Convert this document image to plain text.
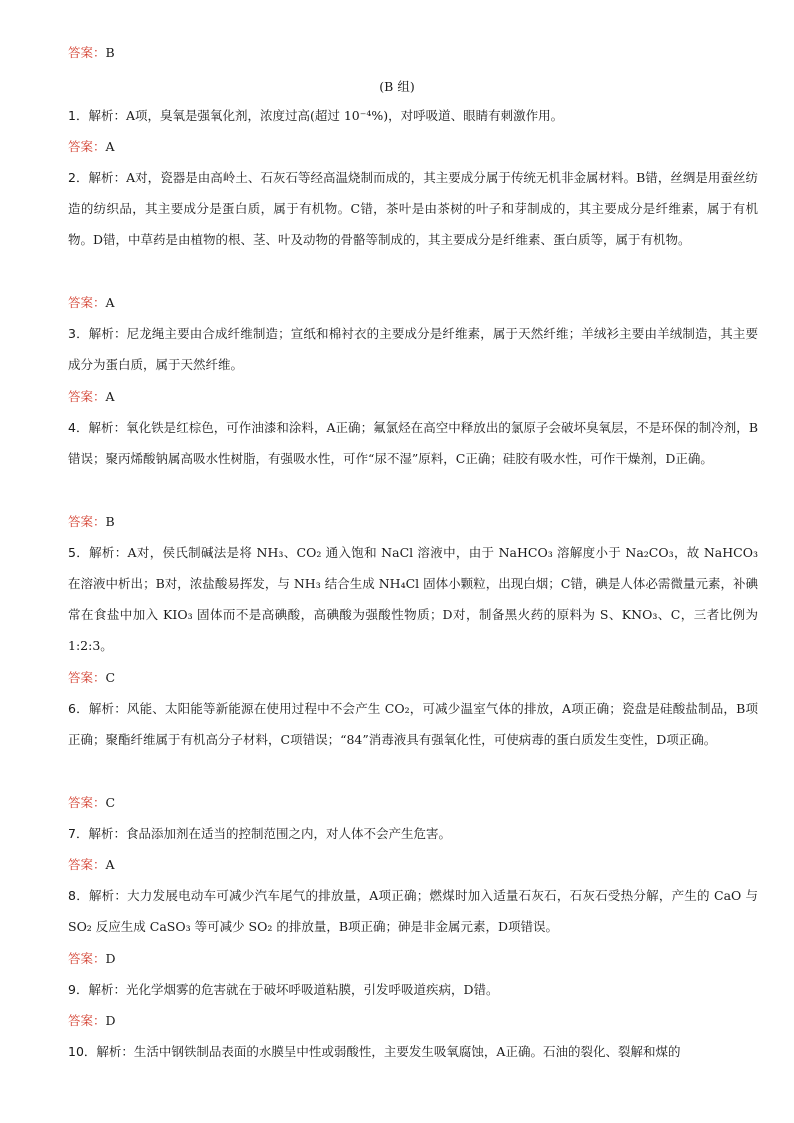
答案：B
(B 组)
1．解析：A项，臭氧是强氧化剂，浓度过高(超过 10⁻⁴%)，对呼吸道、眼睛有刺激作用。
答案：A
2．解析：A对，瓷器是由高岭土、石灰石等经高温烧制而成的，其主要成分属于传统无机非金属材料。B错，丝绸是用蚕丝纺造的纺织品，其主要成分是蛋白质，属于有机物。C错，茶叶是由茶树的叶子和芽制成的，其主要成分是纤维素，属于有机物。D错，中草药是由植物的根、茎、叶及动物的骨骼等制成的，其主要成分是纤维素、蛋白质等，属于有机物。
答案：A
3．解析：尼龙绳主要由合成纤维制造；宣纸和棉衬衣的主要成分是纤维素，属于天然纤维；羊绒衫主要由羊绒制造，其主要成分为蛋白质，属于天然纤维。
答案：A
4．解析：氧化铁是红棕色，可作油漆和涂料，A正确；氟氯烃在高空中释放出的氯原子会破坏臭氧层，不是环保的制冷剂，B错误；聚丙烯酸钠属高吸水性树脂，有强吸水性，可作“尿不湿”原料，C正确；硅胶有吸水性，可作干燥剂，D正确。
答案：B
5．解析：A对，侯氏制碱法是将 NH₃、CO₂ 通入饱和 NaCl 溶液中，由于 NaHCO₃ 溶解度小于 Na₂CO₃，故 NaHCO₃ 在溶液中析出；B对，浓盐酸易挥发，与 NH₃ 结合生成 NH₄Cl 固体小颗粒，出现白烟；C错，碘是人体必需微量元素，补碘常在食盐中加入 KIO₃ 固体而不是高碘酸，高碘酸为强酸性物质；D对，制备黑火药的原料为 S、KNO₃、C，三者比例为 1:2:3。
答案：C
6．解析：风能、太阳能等新能源在使用过程中不会产生 CO₂，可减少温室气体的排放，A项正确；瓷盘是硅酸盐制品，B项正确；聚酯纤维属于有机高分子材料，C项错误；“84”消毒液具有强氧化性，可使病毒的蛋白质发生变性，D项正确。
答案：C
7．解析：食品添加剂在适当的控制范围之内，对人体不会产生危害。
答案：A
8．解析：大力发展电动车可减少汽车尾气的排放量，A项正确；燃煤时加入适量石灰石，石灰石受热分解，产生的 CaO 与 SO₂ 反应生成 CaSO₃ 等可减少 SO₂ 的排放量，B项正确；砷是非金属元素，D项错误。
答案：D
9．解析：光化学烟雾的危害就在于破坏呼吸道粘膜，引发呼吸道疾病，D错。
答案：D
10．解析：生活中钢铁制品表面的水膜呈中性或弱酸性，主要发生吸氧腐蚀，A正确。石油的裂化、裂解和煤的
